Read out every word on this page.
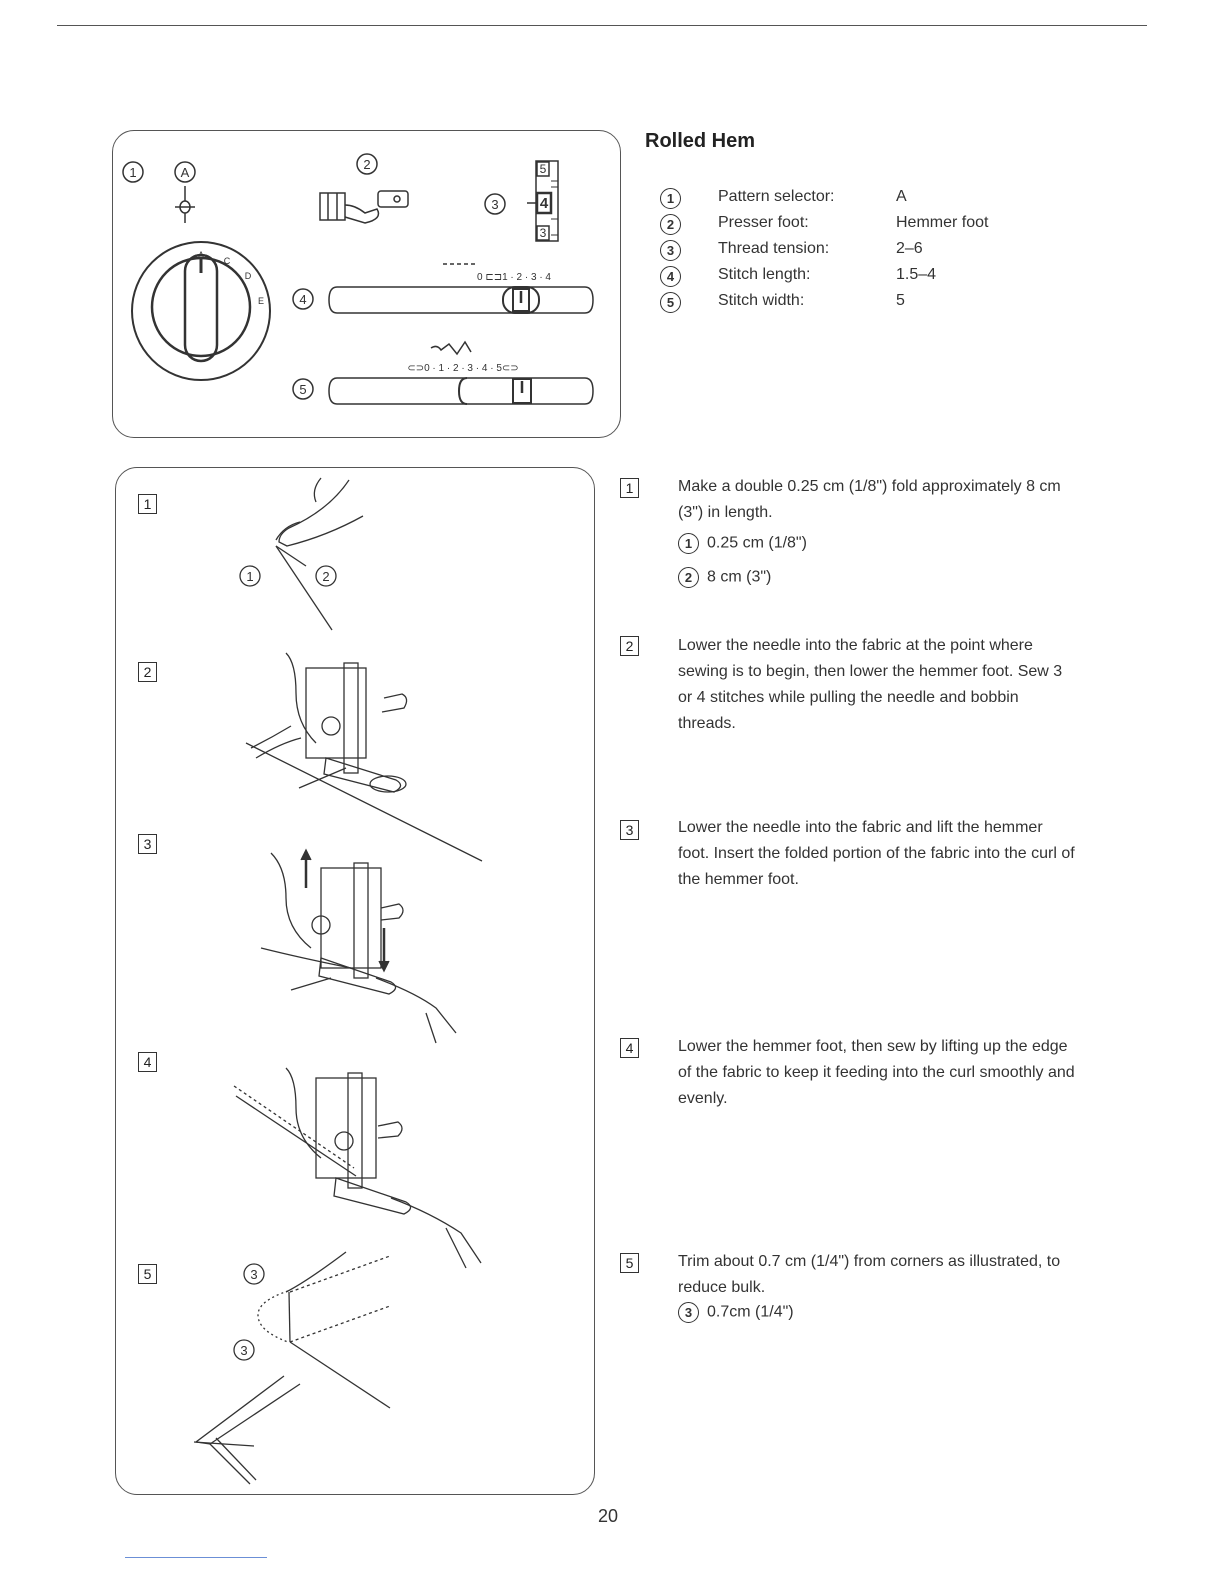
1	A
2
3
4
5
5
4
3
A
C
D
E
0 ⊏⊐1 · 2 · 3 · 4
⊂⊃0 · 1 · 2 · 3 · 4 · 5⊂⊃
Rolled Hem
1	Pattern selector:	A
2	Presser foot:	Hemmer foot
3	Thread tension:	2–6
4	Stitch length:	1.5–4
5	Stitch width:	5
1	2
3
3
1
2
3
4
5
1	Make a double 0.25 cm (1/8") fold approximately 8 cm (3") in length.
1 0.25 cm (1/8")
2 8 cm (3")
2	Lower the needle into the fabric at the point where sewing is to begin, then lower the hemmer foot. Sew 3 or 4 stitches while pulling the needle and bobbin threads.
3	Lower the needle into the fabric and lift the hemmer foot. Insert the folded portion of the fabric into the curl of the hemmer foot.
4	Lower the hemmer foot, then sew by lifting up the edge of the fabric to keep it feeding into the curl smoothly and evenly.
5	Trim about 0.7 cm (1/4") from corners as illustrated, to reduce bulk.
3 0.7cm (1/4")
20
